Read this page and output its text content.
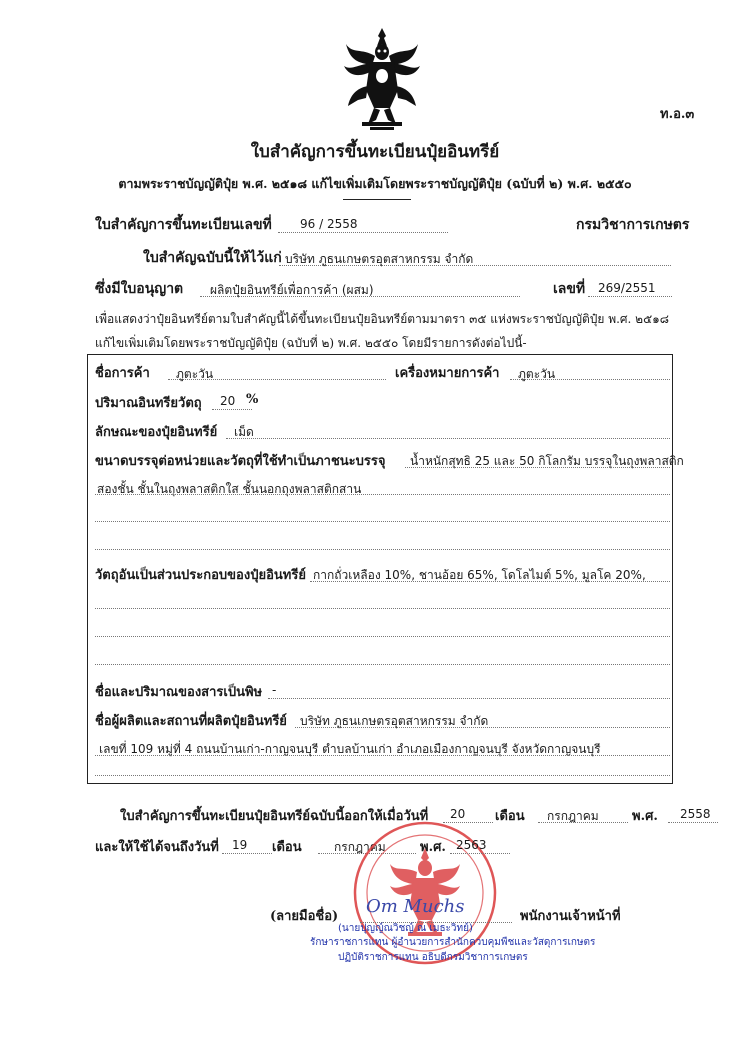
ท.อ.๓
ใบสำคัญการขึ้นทะเบียนปุ๋ยอินทรีย์
ตามพระราชบัญญัติปุ๋ย พ.ศ. ๒๕๑๘ แก้ไขเพิ่มเติมโดยพระราชบัญญัติปุ๋ย (ฉบับที่ ๒) พ.ศ. ๒๕๕๐
ใบสำคัญการขึ้นทะเบียนเลขที่ 96 / 2558	กรมวิชาการเกษตร
ใบสำคัญฉบับนี้ให้ไว้แก่ บริษัท ภูธนเกษตรอุตสาหกรรม จำกัด
ซึ่งมีใบอนุญาต ผลิตปุ๋ยอินทรีย์เพื่อการค้า (ผสม)	เลขที่ 269/2551
เพื่อแสดงว่าปุ๋ยอินทรีย์ตามใบสำคัญนี้ได้ขึ้นทะเบียนปุ๋ยอินทรีย์ตามมาตรา ๓๕ แห่งพระราชบัญญัติปุ๋ย พ.ศ. ๒๕๑๘
แก้ไขเพิ่มเติมโดยพระราชบัญญัติปุ๋ย (ฉบับที่ ๒) พ.ศ. ๒๕๕๐ โดยมีรายการดังต่อไปนี้-
ชื่อการค้า ภูตะวัน	เครื่องหมายการค้า ภูตะวัน
ปริมาณอินทรียวัตถุ 20 %
ลักษณะของปุ๋ยอินทรีย์ เม็ด
ขนาดบรรจุต่อหน่วยและวัตถุที่ใช้ทำเป็นภาชนะบรรจุ น้ำหนักสุทธิ 25 และ 50 กิโลกรัม บรรจุในถุงพลาสติก
สองชั้น ชั้นในถุงพลาสติกใส ชั้นนอกถุงพลาสติกสาน
วัตถุอันเป็นส่วนประกอบของปุ๋ยอินทรีย์ กากถั่วเหลือง 10%, ชานอ้อย 65%, โดโลไมต์ 5%, มูลโค 20%,
ชื่อและปริมาณของสารเป็นพิษ -
ชื่อผู้ผลิตและสถานที่ผลิตปุ๋ยอินทรีย์ บริษัท ภูธนเกษตรอุตสาหกรรม จำกัด
เลขที่ 109 หมู่ที่ 4 ถนนบ้านเก่า-กาญจนบุรี ตำบลบ้านเก่า อำเภอเมืองกาญจนบุรี จังหวัดกาญจนบุรี
ใบสำคัญการขึ้นทะเบียนปุ๋ยอินทรีย์ฉบับนี้ออกให้เมื่อวันที่ 20 เดือน กรกฎาคม	พ.ศ. 2558
และให้ใช้ได้จนถึงวันที่ 19 เดือน	กรกฎาคม	พ.ศ. 2563
(ลายมือชื่อ) Om Muchs	พนักงานเจ้าหน้าที่
(นายปุญญ์ณวิชญ์ ณ เมธะวิทย์)
รักษาราชการแทน ผู้อำนวยการสำนักควบคุมพืชและวัสดุการเกษตร
ปฏิบัติราชการแทน อธิบดีกรมวิชาการเกษตร
